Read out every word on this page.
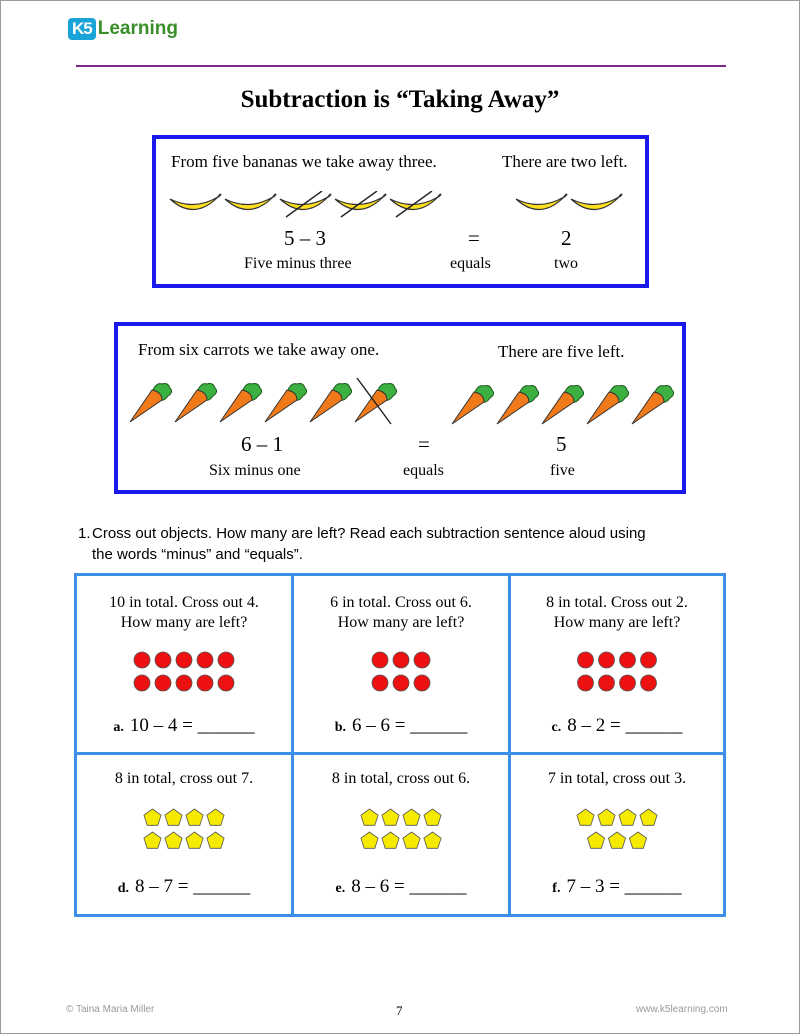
K5 Learning
Subtraction is “Taking Away”
From five bananas we take away three.	There are two left.
5 – 3	=	2
Five minus three	equals	two
From six carrots we take away one.	There are five left.
6 – 1	=	5
Six minus one	equals	five
1. Cross out objects. How many are left? Read each subtraction sentence aloud using
the words “minus” and “equals”.
10 in total. Cross out 4.
How many are left?
a. 10 – 4 = ______
6 in total. Cross out 6.
How many are left?
b. 6 – 6 = ______
8 in total. Cross out 2.
How many are left?
c. 8 – 2 = ______
8 in total, cross out 7.
d. 8 – 7 = ______
8 in total, cross out 6.
e. 8 – 6 = ______
7 in total, cross out 3.
f. 7 – 3 = ______
© Taina Maria Miller	7	www.k5learning.com
